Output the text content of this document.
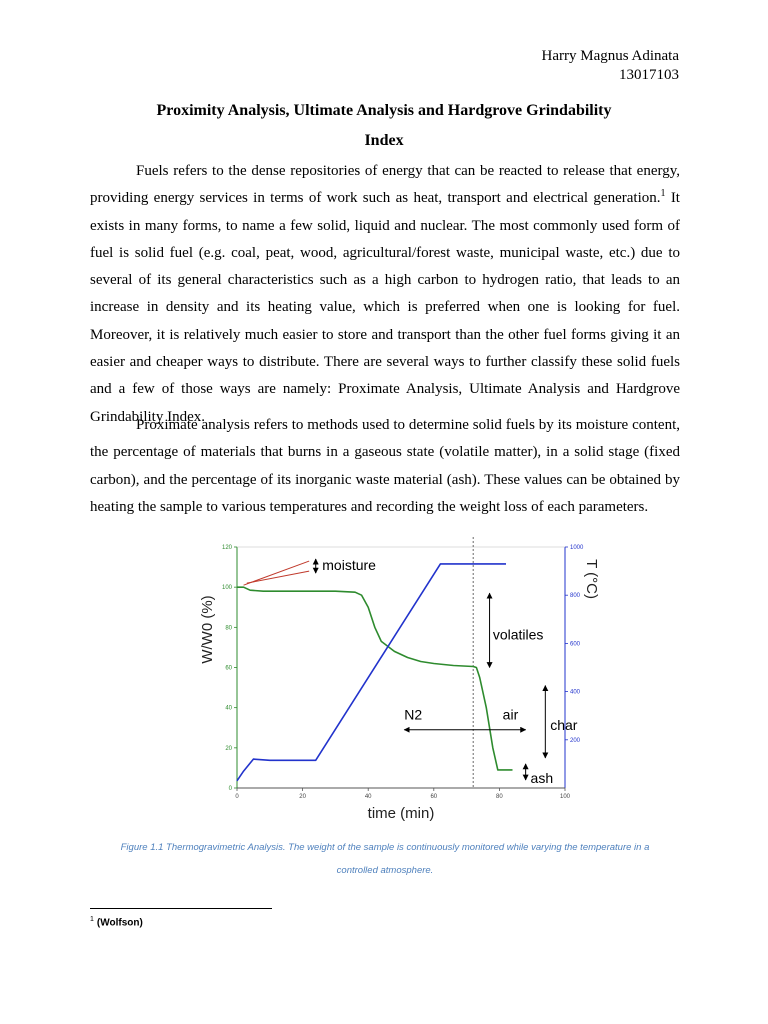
Harry Magnus Adinata
13017103
Proximity Analysis, Ultimate Analysis and Hardgrove Grindability
Index

Fuels refers to the dense repositories of energy that can be reacted to release that energy, providing energy services in terms of work such as heat, transport and electrical generation.$^1$ It exists in many forms, to name a few solid, liquid and nuclear. The most commonly used form of fuel is solid fuel (e.g. coal, peat, wood, agricultural/forest waste, municipal waste, etc.) due to several of its general characteristics such as a high carbon to hydrogen ratio, that leads to an increase in density and its heating value, which is preferred when one is looking for fuel. Moreover, it is relatively much easier to store and transport than the other fuel forms giving it an easier and cheaper ways to distribute. There are several ways to further classify these solid fuels and a few of those ways are namely: Proximate Analysis, Ultimate Analysis and Hardgrove Grindability Index.

Proximate analysis refers to methods used to determine solid fuels by its moisture content, the percentage of materials that burns in a gaseous state (volatile matter), in a solid stage (fixed carbon), and the percentage of its inorganic waste material (ash). These values can be obtained by heating the sample to various temperatures and recording the weight loss of each parameters.

0	20	40	60	80	100
0
20
40
60
80
100
120
200
400
600
800
1000
time (min)
W/W0 (%)
T (°C)
moisture
volatiles
N2	air
char
ash
Figure 1.1 Thermogravimetric Analysis. The weight of the sample is continuously monitored while varying the temperature in a
controlled atmosphere.
$^1$ (Wolfson)
